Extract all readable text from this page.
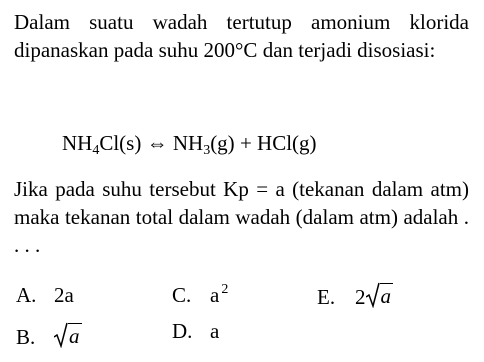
Dalam suatu wadah tertutup amonium klorida dipanaskan pada suhu 200°C dan terjadi disosiasi:
$NH_4Cl(s)$ ⇔ $NH_3(g) + HCl(g)$
Jika pada suhu tersebut Kp = a (tekanan dalam atm) maka tekanan total dalam wadah (dalam atm) adalah . . . .
A. 2a
B. a
C. a $^2$
D. a
E. 2 a
